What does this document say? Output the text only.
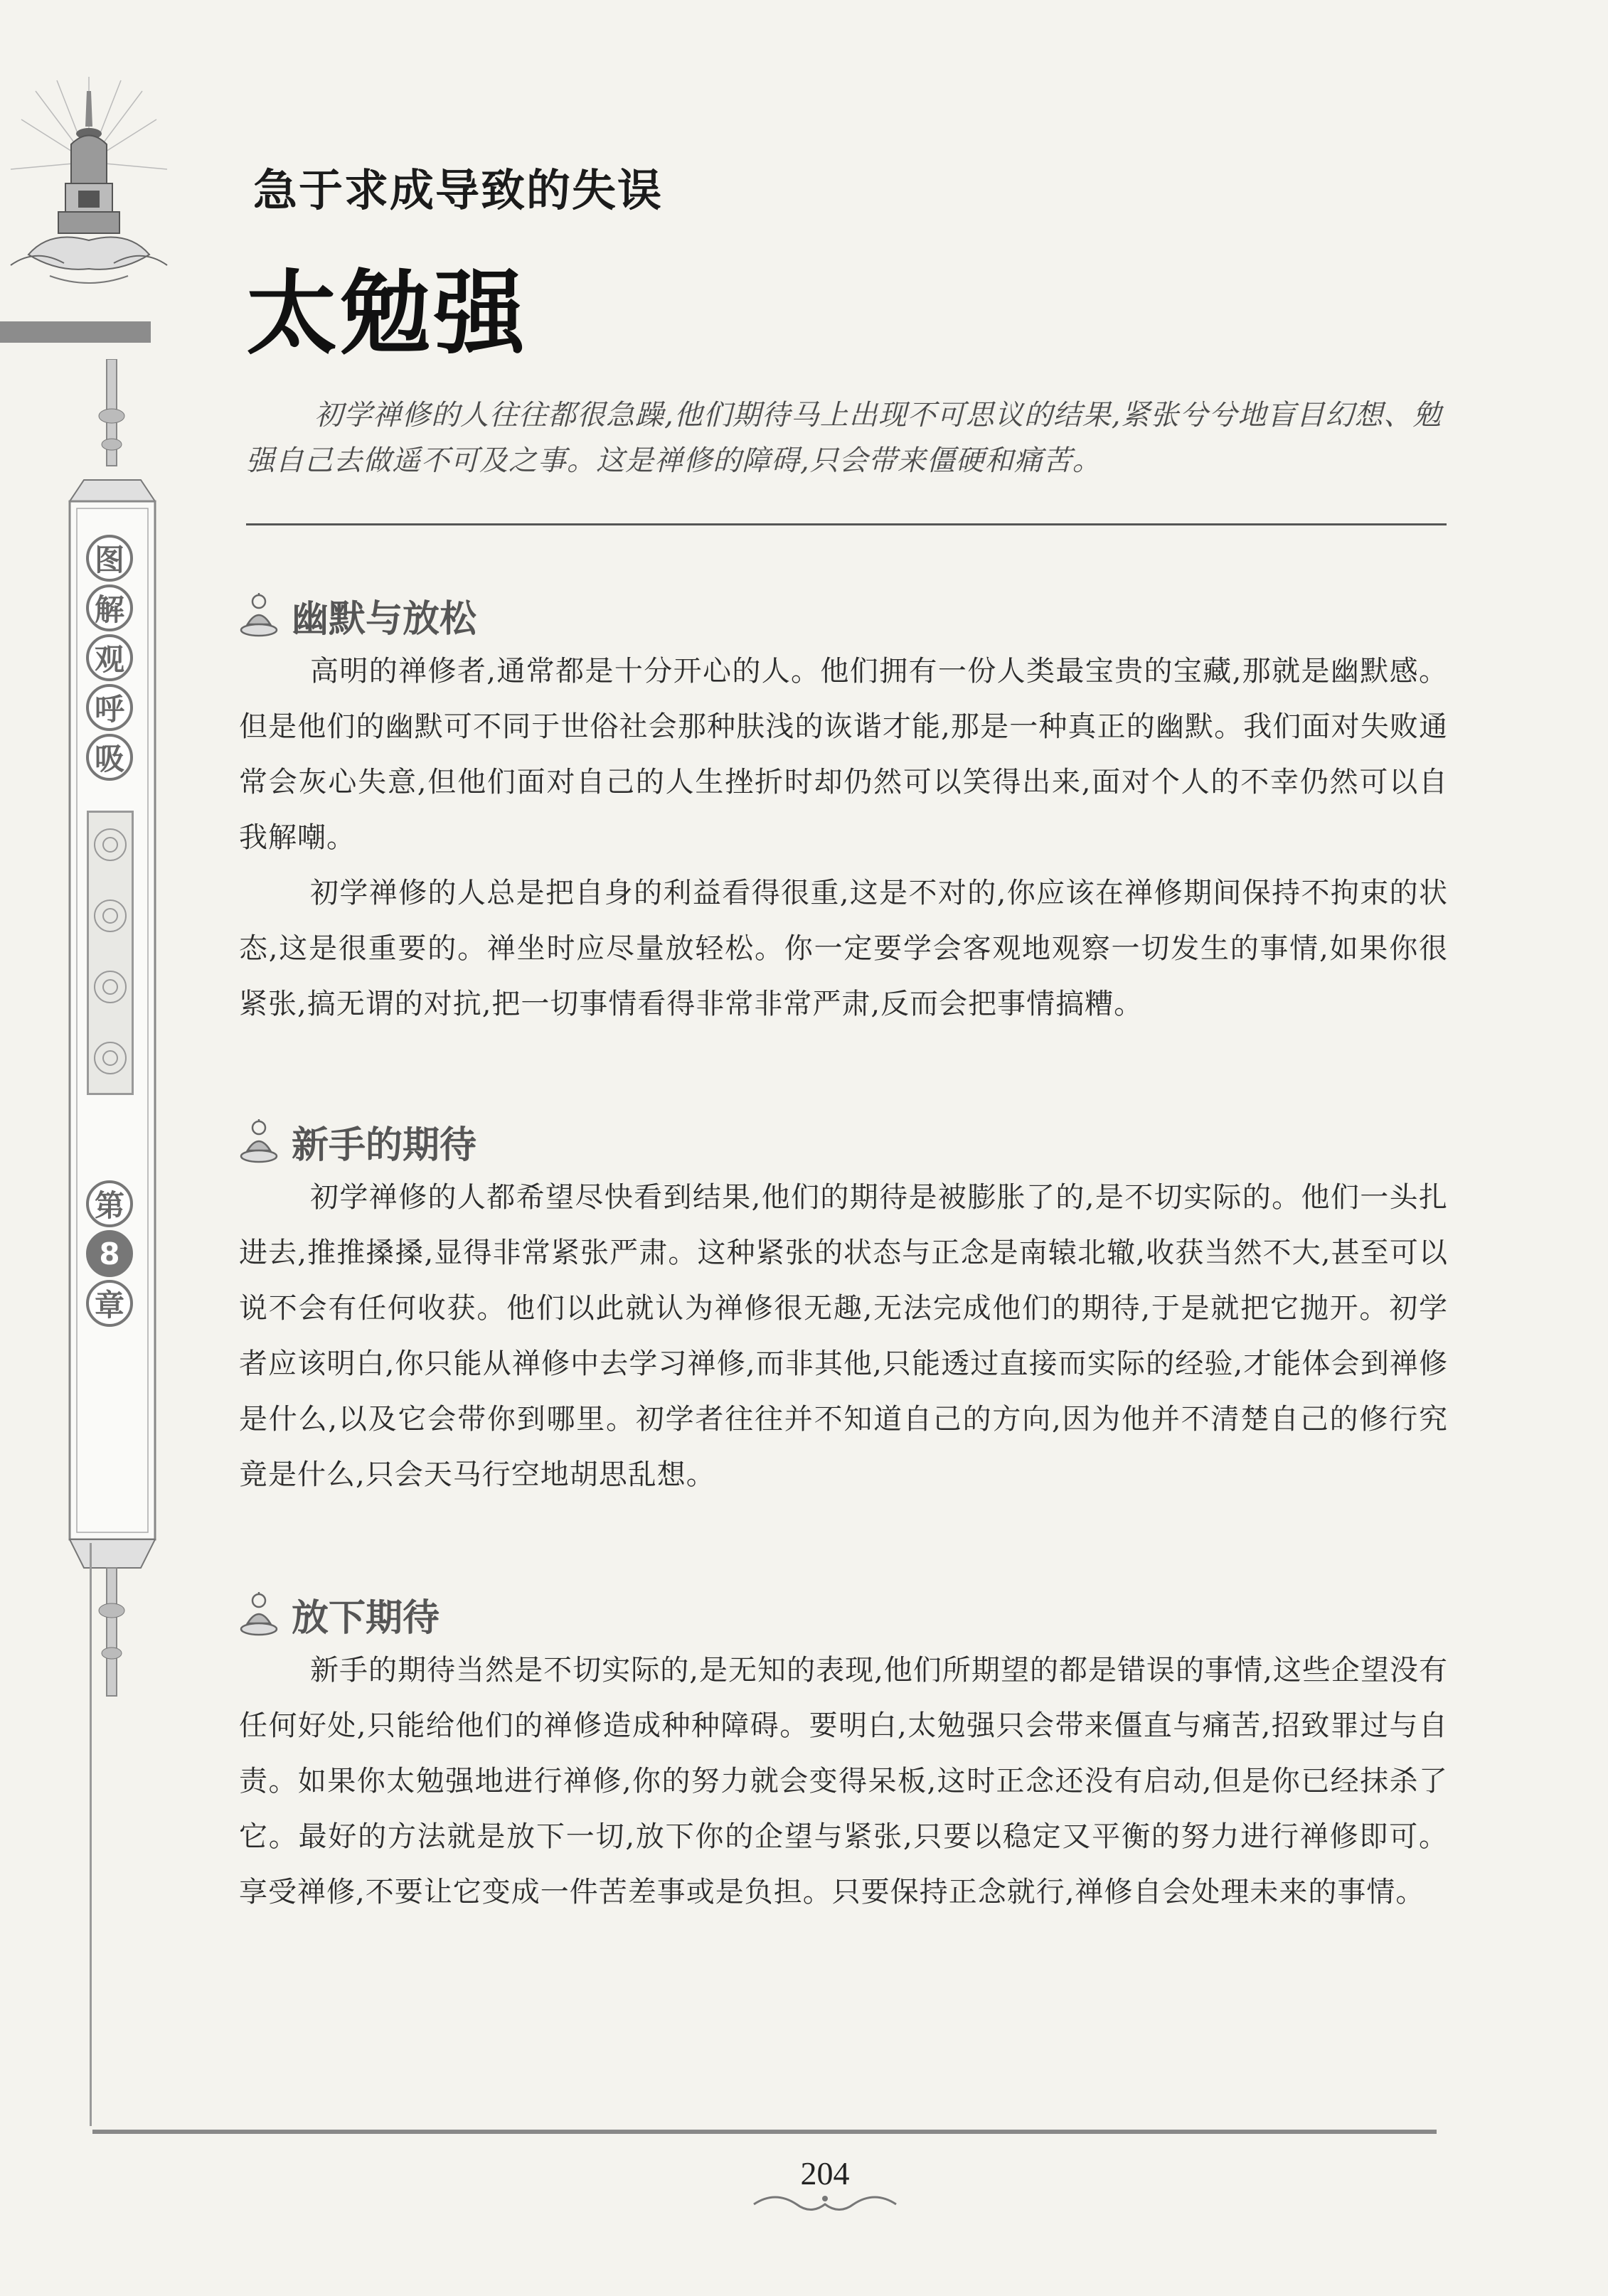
图
解
观
呼
吸
第
8
章
急于求成导致的失误
太勉强

初学禅修的人往往都很急躁,他们期待马上出现不可思议的结果,紧张兮兮地盲目幻想、勉强自己去做遥不可及之事。这是禅修的障碍,只会带来僵硬和痛苦。

幽默与放松

高明的禅修者,通常都是十分开心的人。他们拥有一份人类最宝贵的宝藏,那就是幽默感。但是他们的幽默可不同于世俗社会那种肤浅的诙谐才能,那是一种真正的幽默。我们面对失败通常会灰心失意,但他们面对自己的人生挫折时却仍然可以笑得出来,面对个人的不幸仍然可以自我解嘲。

初学禅修的人总是把自身的利益看得很重,这是不对的,你应该在禅修期间保持不拘束的状态,这是很重要的。禅坐时应尽量放轻松。你一定要学会客观地观察一切发生的事情,如果你很紧张,搞无谓的对抗,把一切事情看得非常非常严肃,反而会把事情搞糟。

新手的期待

初学禅修的人都希望尽快看到结果,他们的期待是被膨胀了的,是不切实际的。他们一头扎进去,推推搡搡,显得非常紧张严肃。这种紧张的状态与正念是南辕北辙,收获当然不大,甚至可以说不会有任何收获。他们以此就认为禅修很无趣,无法完成他们的期待,于是就把它抛开。初学者应该明白,你只能从禅修中去学习禅修,而非其他,只能透过直接而实际的经验,才能体会到禅修是什么,以及它会带你到哪里。初学者往往并不知道自己的方向,因为他并不清楚自己的修行究竟是什么,只会天马行空地胡思乱想。

放下期待

新手的期待当然是不切实际的,是无知的表现,他们所期望的都是错误的事情,这些企望没有任何好处,只能给他们的禅修造成种种障碍。要明白,太勉强只会带来僵直与痛苦,招致罪过与自责。如果你太勉强地进行禅修,你的努力就会变得呆板,这时正念还没有启动,但是你已经抹杀了它。最好的方法就是放下一切,放下你的企望与紧张,只要以稳定又平衡的努力进行禅修即可。享受禅修,不要让它变成一件苦差事或是负担。只要保持正念就行,禅修自会处理未来的事情。

204
